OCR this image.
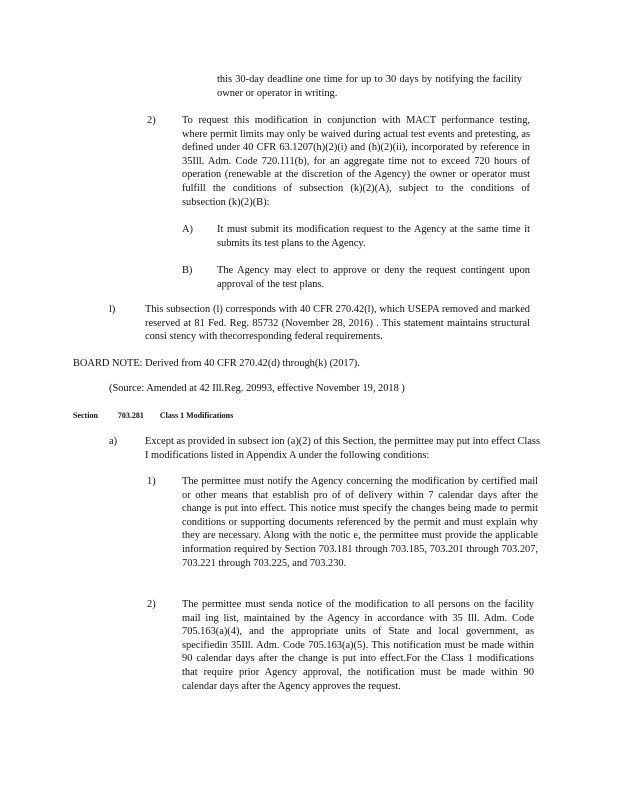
this 30-day deadline one time for up to 30 days by notifying the facility owner or operator in writing.

2)	To request this modification in conjunction with MACT performance testing, where permit limits may only be waived during actual test events and pretesting, as defined under 40 CFR 63.1207(h)(2)(i) and (h)(2)(ii), incorporated by reference in 35Ill. Adm. Code 720.111(b), for an aggregate time not to exceed 720 hours of operation (renewable at the discretion of the Agency) the owner or operator must fulfill the conditions of subsection (k)(2)(A), subject to the conditions of subsection (k)(2)(B):

A) It must submit its modification request to the Agency at the same time it submits its test plans to the Agency.

B) The Agency may elect to approve or deny the request contingent upon approval of the test plans.

l)	This subsection (l) corresponds with 40 CFR 270.42(l), which USEPA removed and marked reserved at 81 Fed. Reg. 85732 (November 28, 2016) . This statement maintains structural consi stency with thecorresponding federal requirements.

BOARD NOTE: Derived from 40 CFR 270.42(d) through(k) (2017).

(Source: Amended at 42 Ill.Reg. 20993, effective November 19, 2018 )

Section	703.281 Class 1 Modifications
a)	Except as provided in subsect ion (a)(2) of this Section, the permittee may put into effect Class I modifications listed in Appendix A under the following conditions:

1)	The permittee must notify the Agency concerning the modification by certified mail or other means that establish pro of of delivery within 7 calendar days after the change is put into effect. This notice must specify the changes being made to permit conditions or supporting documents referenced by the permit and must explain why they are necessary. Along with the notic e, the permittee must provide the applicable information required by Section 703.181 through 703.185, 703.201 through 703.207, 703.221 through 703.225, and 703.230.

2)	The permittee must senda notice of the modification to all persons on the facility mail ing list, maintained by the Agency in accordance with 35 Ill. Adm. Code 705.163(a)(4), and the appropriate units of State and local government, as specifiedin 35Ill. Adm. Code 705.163(a)(5). This notification must be made within 90 calendar days after the change is put into effect.For the Class 1 modifications that require prior Agency approval, the notification must be made within 90 calendar days after the Agency approves the request.
